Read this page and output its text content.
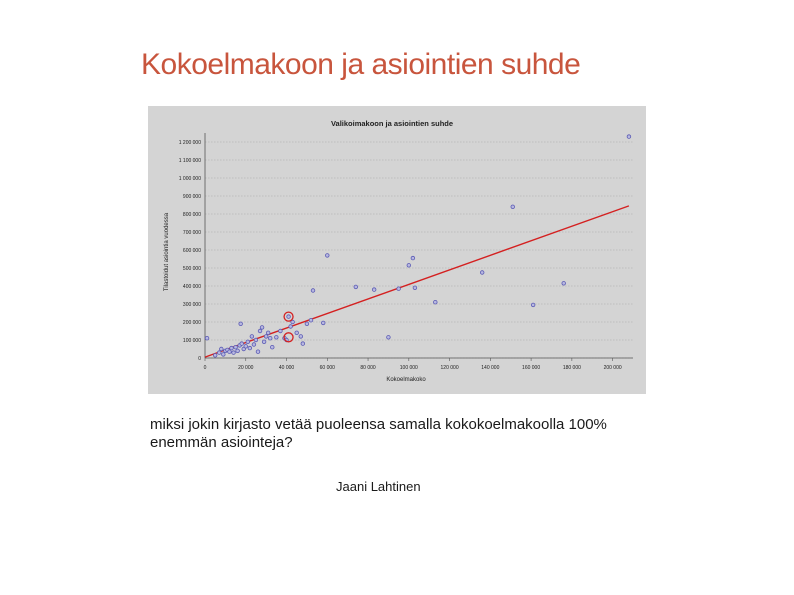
Kokoelmakoon ja asiointien suhde
Valikoimakoon ja asiointien suhde
Kokoelmakoko
Tilastoidut asiointia vuodessa
0
100 000
200 000
300 000
400 000
500 000
600 000
700 000
800 000
900 000
1 000 000
1 100 000
1 200 000
0	20 000	40 000	60 000	80 000	100 000	120 000	140 000	160 000	180 000	200 000
miksi jokin kirjasto vetää puoleensa samalla kokokoelmakoolla 100% enemmän asiointeja?
Jaani Lahtinen
